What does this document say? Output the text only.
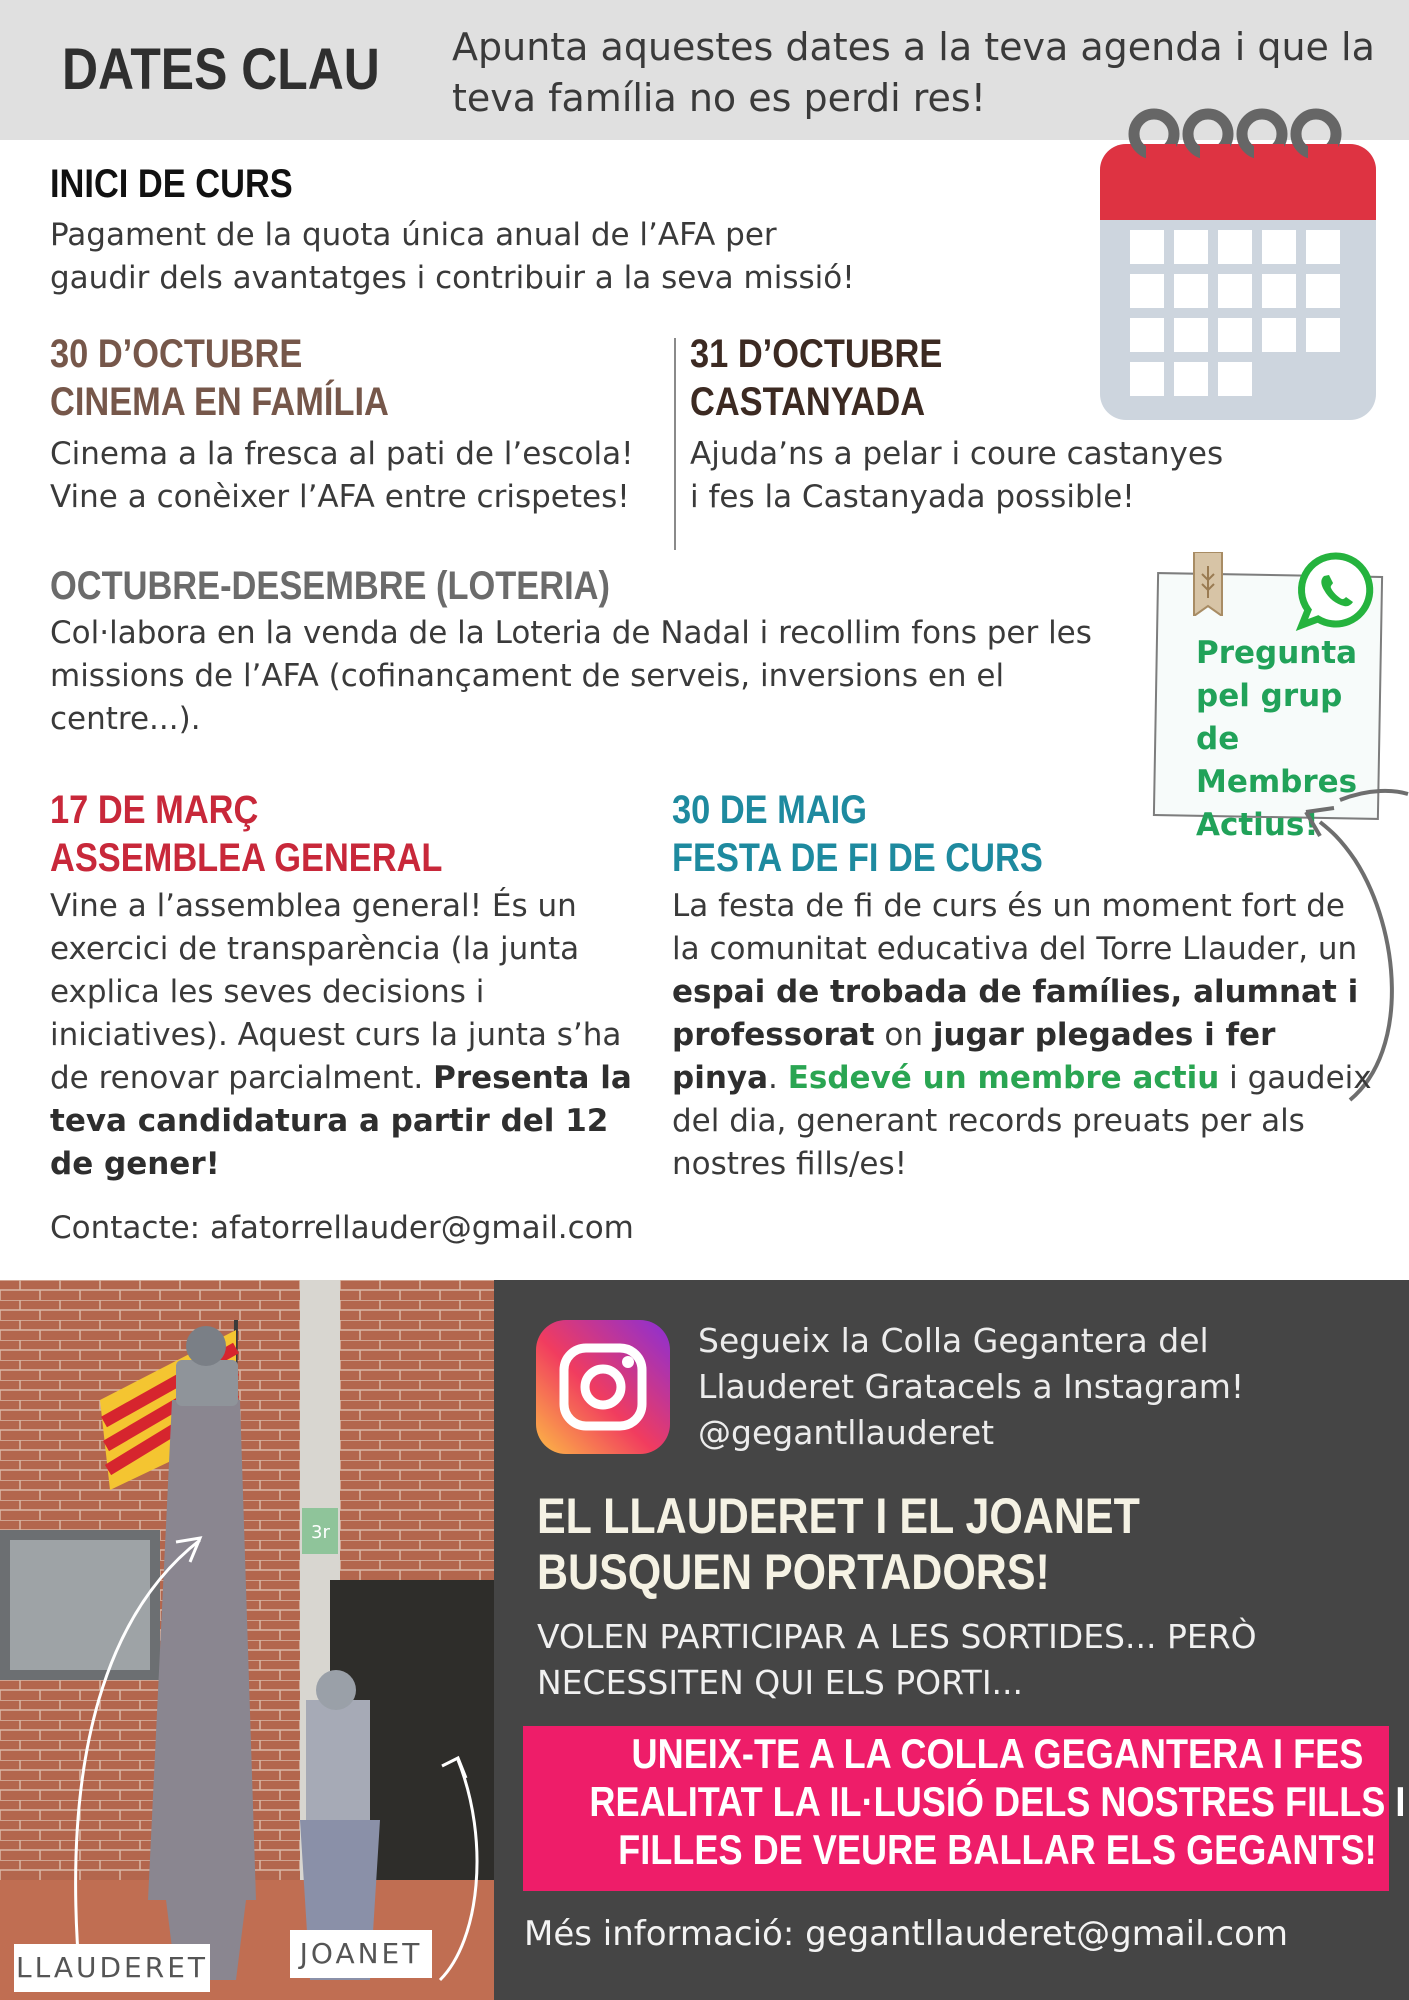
DATES CLAU Apunta aquestes dates a la teva agenda i que la teva família no es perdi res!
INICI DE CURS
Pagament de la quota única anual de l’AFA per gaudir dels avantatges i contribuir a la seva missió!
30 D’OCTUBRE
CINEMA EN FAMÍLIA
Cinema a la fresca al pati de l’escola!
Vine a conèixer l’AFA entre crispetes!
31 D’OCTUBRE
CASTANYADA
Ajuda’ns a pelar i coure castanyes
i fes la Castanyada possible!
OCTUBRE-DESEMBRE (LOTERIA)
Col·labora en la venda de la Loteria de Nadal i recollim fons per les missions de l’AFA (cofinançament de serveis, inversions en el centre...).
Pregunta pel grup de Membres Actius!
17 DE MARÇ
ASSEMBLEA GENERAL
Vine a l’assemblea general! És un exercici de transparència (la junta explica les seves decisions i iniciatives). Aquest curs la junta s’ha de renovar parcialment. Presenta la teva candidatura a partir del 12 de gener!
30 DE MAIG
FESTA DE FI DE CURS
La festa de fi de curs és un moment fort de la comunitat educativa del Torre Llauder, un espai de trobada de famílies, alumnat i professorat on jugar plegades i fer pinya. Esdevé un membre actiu i gaudeix del dia, generant records preuats per als nostres fills/es!
Contacte: afatorrellauder@gmail.com
3r
LLAUDERET	JOANET
Segueix la Colla Gegantera del Llauderet Gratacels a Instagram! @gegantllauderet
EL LLAUDERET I EL JOANET
BUSQUEN PORTADORS!
VOLEN PARTICIPAR A LES SORTIDES... PERÒ NECESSITEN QUI ELS PORTI...
UNEIX-TE A LA COLLA GEGANTERA I FES
REALITAT LA IL·LUSIÓ DELS NOSTRES FILLS I
FILLES DE VEURE BALLAR ELS GEGANTS!
Més informació: gegantllauderet@gmail.com
